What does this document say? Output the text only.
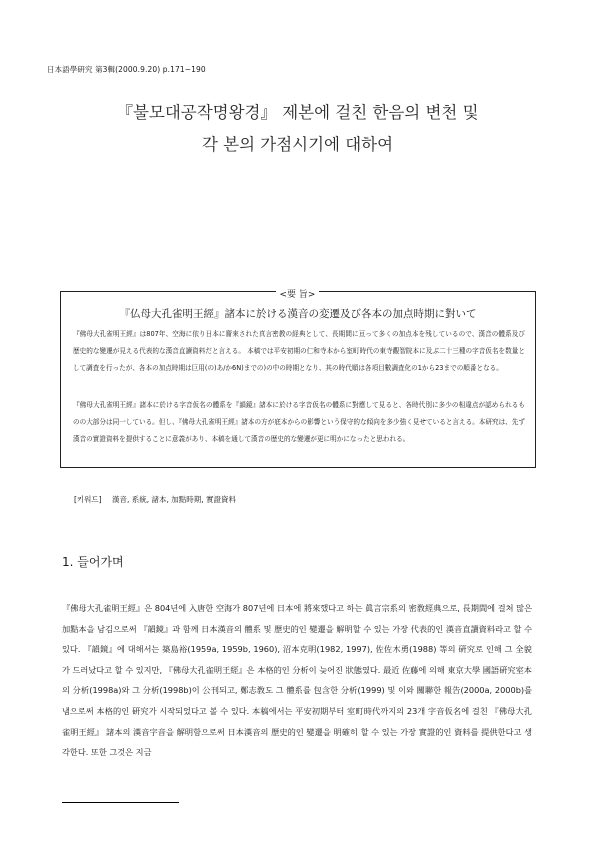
日本語學硏究 第3輯(2000.9.20) p.171~190
『불모대공작명왕경』 제본에 걸친 한음의 변천 및
각 본의 가점시기에 대하여
<要 旨>
『仏母大孔雀明王經』諸本に於ける漢音の変遷及び各本の加点時期に對いて
『佛母大孔雀明王經』は807年、空海に依り日本に齎來された真言密教の経典として、長期間に亘って多くの加点本を残しているので、漢音の體系及び歴史的な變遷が見える代表的な漢音直讀資料だと言える。 本稿では平安初期の仁和寺本から室町時代の東寺觀智院本に及ぶ二十三種の字音仮名を数量として調査を行ったが、各本の加点時期は巨用(の)あ/か6N)までの)の中の時期となり、其の時代順は各項目數調査化の1から23までの順番となる。
『佛母大孔雀明王經』諸本に於ける字音仮名の體系を『韻鏡』諸本に於ける字音仮名の體系に對應して見ると、各時代別に多少の相違点が認められるものの大部分は同一している。但し、『佛母大孔雀明王經』諸本の方が底本からの影響という保守的な傾向を多少強く見せていると言える。本研究は、先ず漢音の實證資料を提供することに意義があり、本稿を通して漢音の歴史的な變遷が更に明かになったと思われる。
[키워드] 漢音, 系統, 諸本, 加點時期, 實證資料
1. 들어가며
『佛母大孔雀明王經』은 804년에 入唐한 空海가 807년에 日本에 將來했다고 하는 眞言宗系의 密敎經典으로, 長期間에 걸쳐 많은 加點本을 남김으로써 『韻鏡』과 함께 日本漢音의 體系 및 歷史的인 變遷을 解明할 수 있는 가장 代表的인 漢音直讀資料라고 할 수 있다. 『韻鏡』에 대해서는 築島裕(1959a, 1959b, 1960), 沼本克明(1982, 1997), 佐佐木勇(1988) 等의 硏究로 인해 그 全貌가 드러났다고 할 수 있지만, 『佛母大孔雀明王經』은 本格的인 分析이 늦어진 狀態였다. 最近 佐藤에 의해 東京大學 國語硏究室本의 分析(1998a)와 그 分析(1998b)이 公刊되고, 鄭志敎도 그 體系를 包含한 分析(1999) 및 이와 關聯한 報告(2000a, 2000b)를 냄으로써 本格的인 硏究가 시작되었다고 볼 수 있다. 本稿에서는 平安初期부터 室町時代까지의 23개 字音仮名에 걸친 『佛母大孔雀明王經』 諸本의 漢音字音을 解明함으로써 日本漢音의 歷史的인 變遷을 明確히 할 수 있는 가장 實證的인 資料를 提供한다고 생각한다. 또한 그것은 지금
